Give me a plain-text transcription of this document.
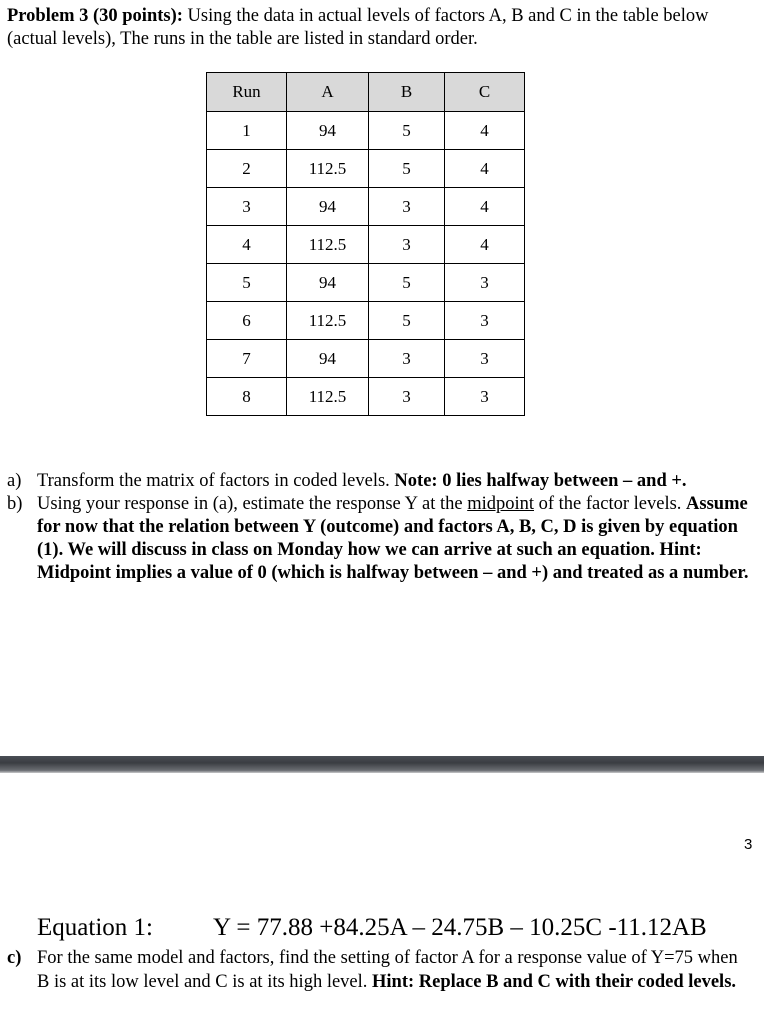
Problem 3 (30 points): Using the data in actual levels of factors A, B and C in the table below (actual levels), The runs in the table are listed in standard order.
Run	A	B	C
1	94	5	4
2	112.5	5	4
3	94	3	4
4	112.5	3	4
5	94	5	3
6	112.5	5	3
7	94	3	3
8	112.5	3	3
a) Transform the matrix of factors in coded levels. Note: 0 lies halfway between – and +.
b) Using your response in (a), estimate the response Y at the midpoint of the factor levels. Assume for now that the relation between Y (outcome) and factors A, B, C, D is given by equation (1). We will discuss in class on Monday how we can arrive at such an equation. Hint: Midpoint implies a value of 0 (which is halfway between – and +) and treated as a number.
3
Equation 1: Y = 77.88 +84.25A – 24.75B – 10.25C -11.12AB
c) For the same model and factors, find the setting of factor A for a response value of Y=75 when B is at its low level and C is at its high level. Hint: Replace B and C with their coded levels.
